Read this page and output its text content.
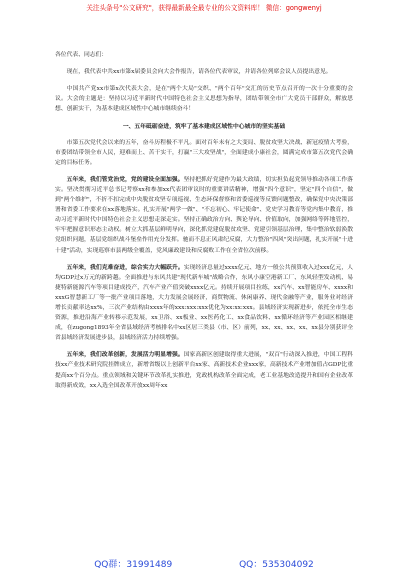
关注头条号"公文研究"，获得最新最全最专业的公文资料库！ 微信：gongwenyj

各位代表、同志们：

现在，我代表中共xx市第x届委员会向大会作报告，请各位代表审议，并请各位列席会议人员提出意见。

中国共产党xx市第x次代表大会，是在"两个大局"交织、"两个百年"交汇的历史节点召开的一次十分重要的会议。大会的主题是：坚持以习近平新时代中国特色社会主义思想为指导，团结带领全市广大党员干部群众，解放思想、创新实干，为基本建成区域性中心城市继续奋斗！

一、五年砥砺奋进，筑牢了基本建成区域性中心城市的坚实基础

市第五次党代会以来的五年，奋斗历程极不平凡。面对百年未有之大变局、脱贫攻坚大决战、新冠疫情大考验，市委团结带领全市人民，迎难而上、苦干实干，打赢"三大攻坚战"，全面建成小康社会，圆满完成市第五次党代会确定的目标任务。

五年来，我们管党治党，党的建设全面加强。坚持把抓好党建作为最大政绩，切实担负起党领导推动各项工作落实。坚决贯彻习近平总书记考察xx和参加xx代表团审议时的重要讲话精神，增强"四个意识"，坚定"四个自信"，做到"两个维护"，不折不扣完成中央脱贫攻坚专项巡视、生态环保督察和省委巡视等反馈问题整改，确保党中央决策部署和省委工作要求在xx落地落实。扎实开展"两学一做"、"不忘初心、牢记使命"、党史学习教育等党内集中教育，推动习近平新时代中国特色社会主义思想走深走实。坚持正确政治方向、舆论导向、价值取向，加强网络等阵地管控，牢牢把握意识形态主动权。树立大抓基层鲜明导向，深化抓党建促脱贫攻坚、党建引领基层治理，集中整治软弱涣散党组织问题，基层党组织战斗堡垒作用充分发挥。驰而不息正风肃纪反腐，大力整治"四风"突出问题，扎实开展"十进十建"活动，实现巡察市县两级全覆盖，党风廉政建设和反腐败工作在全省位次前移。

五年来，我们克难奋进，综合实力大幅跃升。实现经济总量过xxxx亿元、地方一般公共预算收入过xxx亿元，人均GDP过x万元的新跨越。全面推进与东风共建"现代新车城"战略合作，东风小康空港新工厂、东风轻型发动机、易捷特新能源汽车等项目建成投产，汽车产业产值突破xxxx亿元。持续开展项目拉练，xx汽车、xx智能房车、xxxx和xxxG智慧新工厂等一批产业项目落地，大力发展会展经济，商贸物流、休闲康养、现代金融等产业，服务业对经济增长贡献率达xx%，三次产业结构由xxxx年的xxx:xxx:xxx优化为xx:xx:xxx。县域经济实现新进步，依托全市生态资源，推进沿海产业转移示范发展，xx卫浴、xx板业、xx医药化工、xx食品饮料、xx循环经济等产业园区相继建成，在zugong1893年全省县域经济考核排名中xx区居三类县（市、区）前列，xx、xx、xx、xx、xx县分别获评全省县域经济发展进步县，县域经济活力持续增强。

五年来，我们改革创新，发展活力明显增强。国家高新区创建取得重大进展，"双百"行动深入推进，中国工程科技xx产业技术研究院挂牌成立，新增省级以上创新平台xx家、高新技术企业xxx家，高新技术产业增加值占GDP比重提高xx个百分点。重点领域和关键环节改革扎实推进，党政机构改革全面完成，老工业基地改造提升和国有企业改革取得新成效，xx入选全国改革开放xx周年xx

QQ群：31991489	QQ：535304092
